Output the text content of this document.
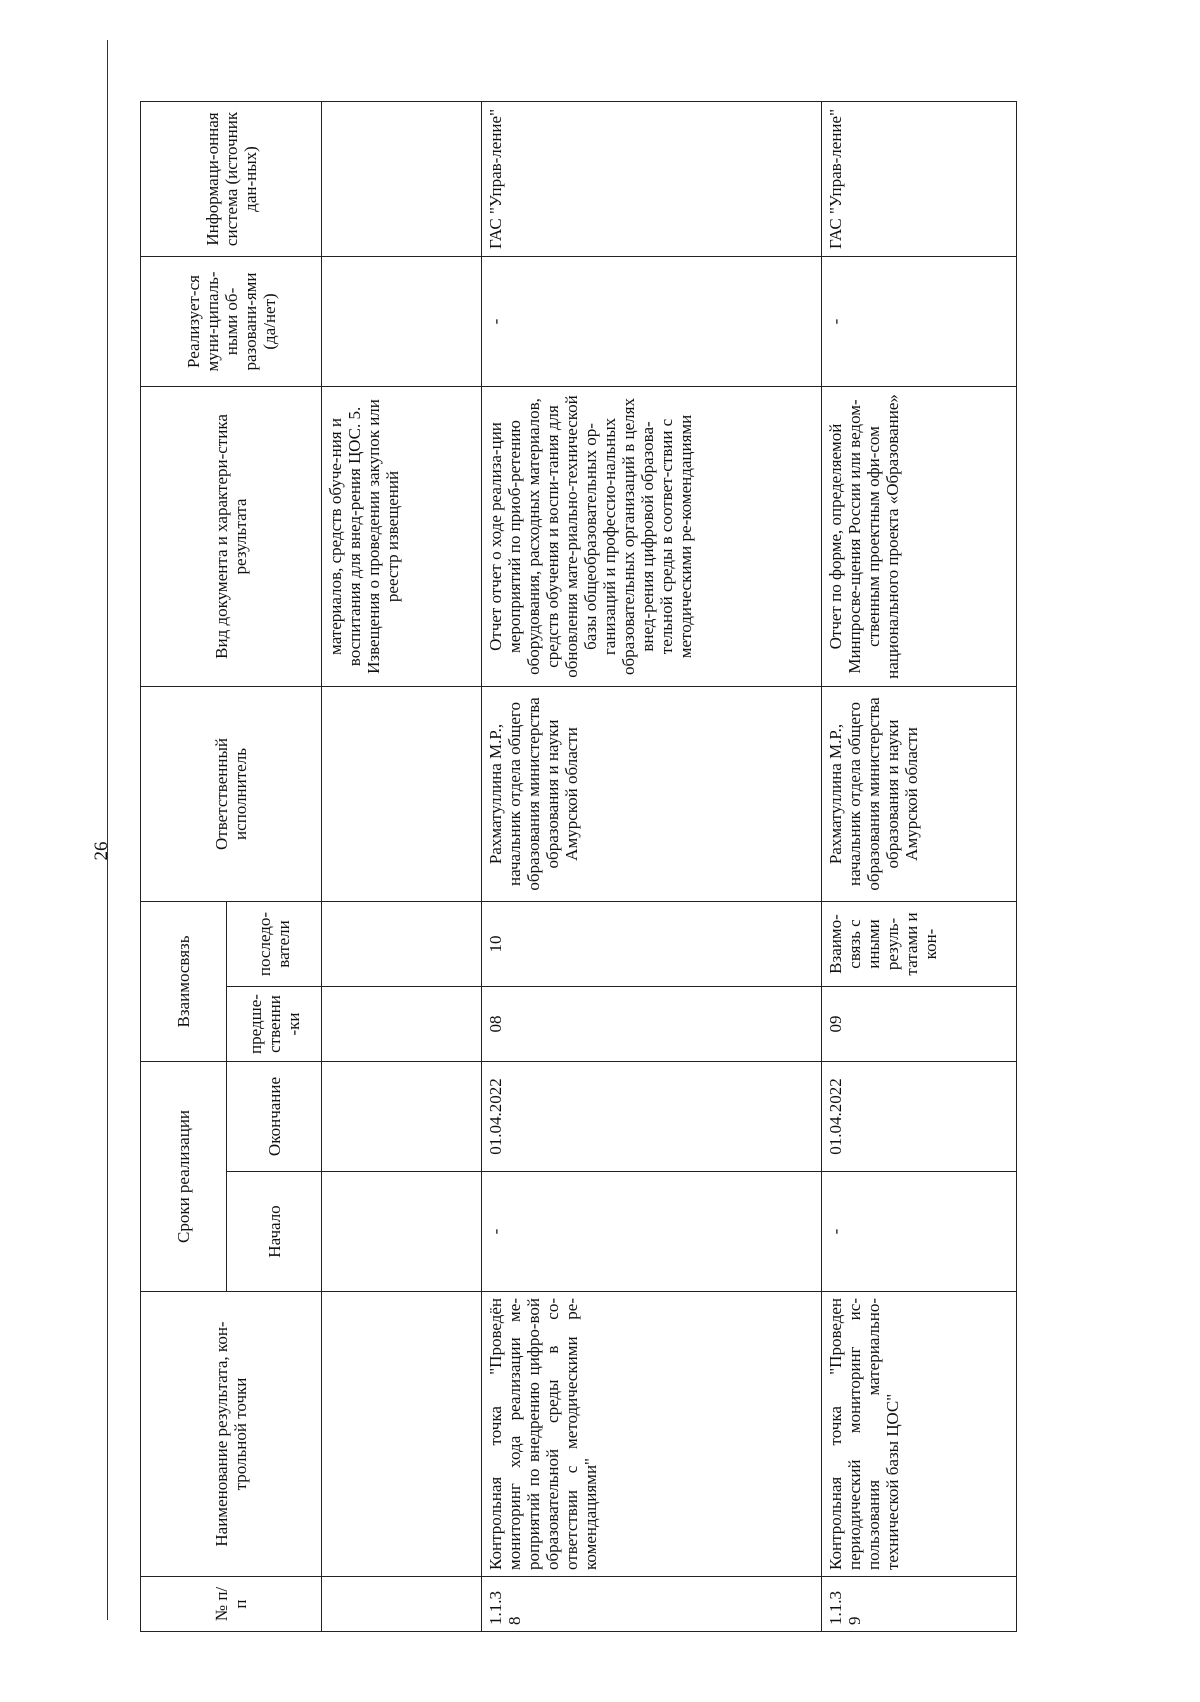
26
№ п/п	Наименование результата, кон-трольной точки	Сроки реализации		Взаимосвязь		Ответственный исполнитель	Вид документа и характери-стика результата	Реализует-ся муни-ципаль-ными об-разовани-ями (да/нет)	Информаци-онная система (источник дан-ных)
		Начало	Окончание	предше-ственни-ки	последо-ватели				
							материалов, средств обуче-ния и воспитания для внед-рения ЦОС. 5. Извещения о проведении закупок или реестр извещений		
1.1.38	Контрольная точка "Проведён мониторинг хода реализации ме-роприятий по внедрению цифро-вой образовательной среды в со-ответствии с методическими ре-комендациями"	-	01.04.2022	08	10	Рахматуллина М.Р., начальник отдела общего образования министерства образования и науки Амурской области	Отчет отчет о ходе реализа-ции мероприятий по приоб-ретению оборудования, расходных материалов, средств обучения и воспи-тания для обновления мате-риально-технической базы общеобразовательных ор-ганизаций и профессио-нальных образовательных организаций в целях внед-рения цифровой образова-тельной среды в соответ-ствии с методическими ре-комендациями	-	ГАС "Управ-ление"
1.1.39	Контрольная точка "Проведен периодический мониторинг ис-пользования материально-технической базы ЦОС"	-	01.04.2022	09	Взаимо-связь с иными резуль-татами и кон-	Рахматуллина М.Р., начальник отдела общего образования министерства образования и науки Амурской области	Отчет по форме, определяемой Минпросве-щения России или ведом-ственным проектным офи-сом национального проекта «Образование»	-	ГАС "Управ-ление"
